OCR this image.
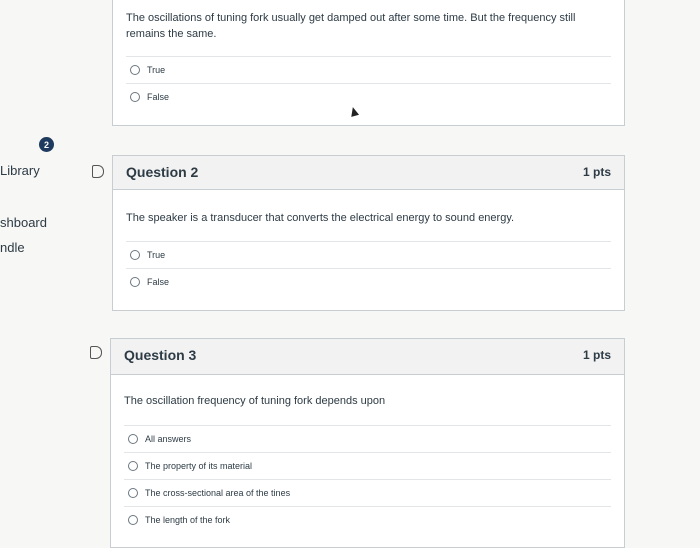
2
Library
shboard
ndle
The oscillations of tuning fork usually get damped out after some time. But the frequency still remains the same.
True
False
Question 2	1 pts
The speaker is a transducer that converts the electrical energy to sound energy.
True
False
Question 3	1 pts
The oscillation frequency of tuning fork depends upon
All answers
The property of its material
The cross-sectional area of the tines
The length of the fork
